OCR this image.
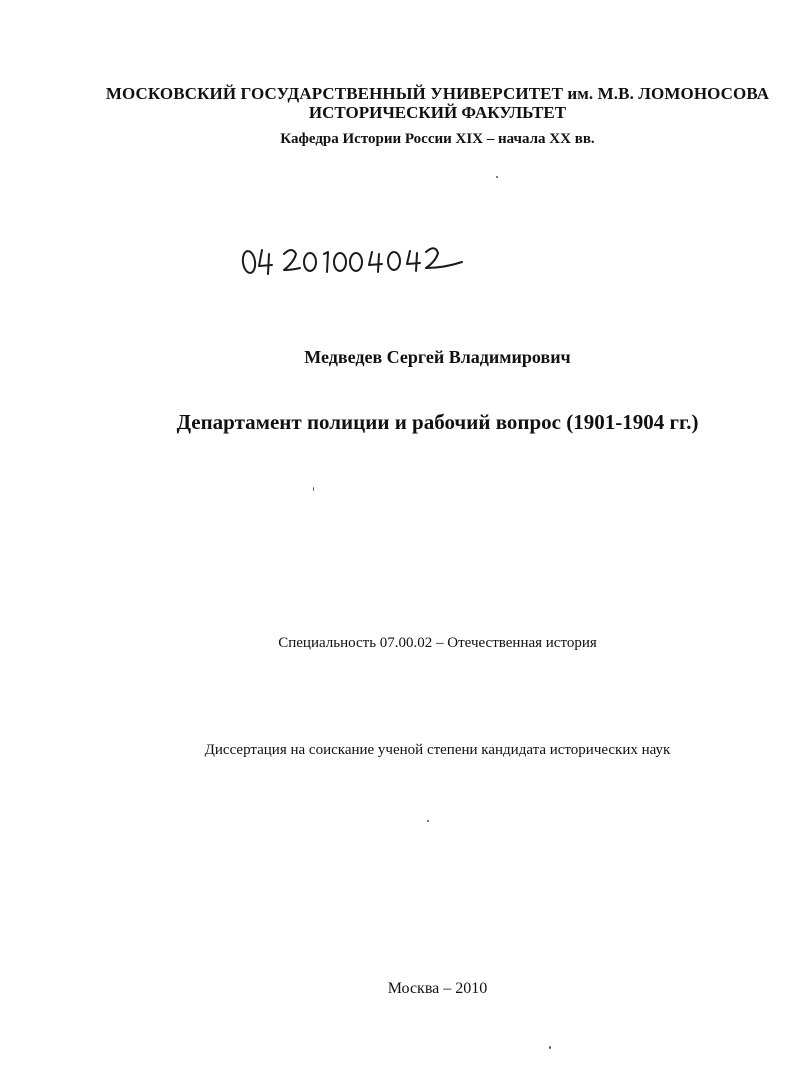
МОСКОВСКИЙ ГОСУДАРСТВЕННЫЙ УНИВЕРСИТЕТ им. М.В. ЛОМОНОСОВА
ИСТОРИЧЕСКИЙ ФАКУЛЬТЕТ
Кафедра Истории России XIX – начала XX вв.
Медведев Сергей Владимирович
Департамент полиции и рабочий вопрос (1901-1904 гг.)
Специальность 07.00.02 – Отечественная история
Диссертация на соискание ученой степени кандидата исторических наук
Москва – 2010
